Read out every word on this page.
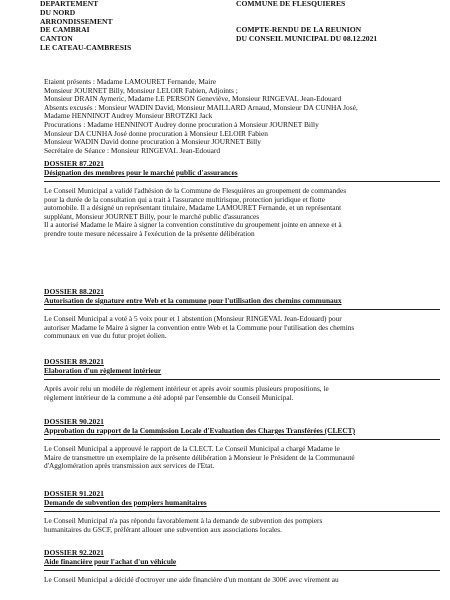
DEPARTEMENT
DU NORD
ARRONDISSEMENT
DE CAMBRAI
CANTON
LE CATEAU-CAMBRESIS
COMMUNE DE FLESQUIERES
COMPTE-RENDU DE LA REUNION
DU CONSEIL MUNICIPAL DU 08.12.2021
Etaient présents : Madame LAMOURET Fernande, Maire
Monsieur JOURNET Billy, Monsieur LELOIR Fabien, Adjoints ;
Monsieur DRAIN Aymeric, Madame LE PERSON Geneviève, Monsieur RINGEVAL Jean-Edouard
Absents excusés : Monsieur WADIN David, Monsieur MAILLARD Arnaud, Monsieur DA CUNHA José,
Madame HENNINOT Audrey Monsieur BROTZKI Jack
Procurations : Madame HENNINOT Audrey donne procuration à Monsieur JOURNET Billy
Monsieur DA CUNHA José donne procuration à Monsieur LELOIR Fabien
Monsieur WADIN David donne procuration à Monsieur JOURNET Billy
Secrétaire de Séance : Monsieur RINGEVAL Jean-Edouard
DOSSIER 87.2021
Désignation des membres pour le marché public d'assurances
Le Conseil Municipal a validé l'adhésion de la Commune de Flesquières au groupement de commandes
pour la durée de la consultation qui a trait à l'assurance multirisque, protection juridique et flotte
automobile. Il a désigné un représentant titulaire, Madame LAMOURET Fernande, et un représentant
suppléant, Monsieur JOURNET Billy, pour le marché public d'assurances
Il a autorisé Madame le Maire à signer la convention constitutive du groupement jointe en annexe et à
prendre toute mesure nécessaire à l'exécution de la présente délibération
DOSSIER 88.2021
Autorisation de signature entre Web et la commune pour l'utilisation des chemins communaux
Le Conseil Municipal a voté à 5 voix pour et 1 abstention (Monsieur RINGEVAL Jean-Edouard) pour
autoriser Madame le Maire à signer la convention entre Web et la Commune pour l'utilisation des chemins
communaux en vue du futur projet éolien.
DOSSIER 89.2021
Elaboration d'un règlement intérieur
Après avoir relu un modèle de règlement intérieur et après avoir soumis plusieurs propositions, le
règlement intérieur de la commune a été adopté par l'ensemble du Conseil Municipal.
DOSSIER 90.2021
Approbation du rapport de la Commission Locale d'Evaluation des Charges Transférées (CLECT)
Le Conseil Municipal a approuvé le rapport de la CLECT. Le Conseil Municipal a chargé Madame le
Maire de transmettre un exemplaire de la présente délibération à Monsieur le Président de la Communauté
d'Agglomération après transmission aux services de l'Etat.
DOSSIER 91.2021
Demande de subvention des pompiers humanitaires
Le Conseil Municipal n'a pas répondu favorablement à la demande de subvention des pompiers
humanitaires du GSCF, préférant allouer une subvention aux associations locales.
DOSSIER 92.2021
Aide financière pour l'achat d'un véhicule
Le Conseil Municipal a décidé d'octroyer une aide financière d'un montant de 300€ avec virement au
